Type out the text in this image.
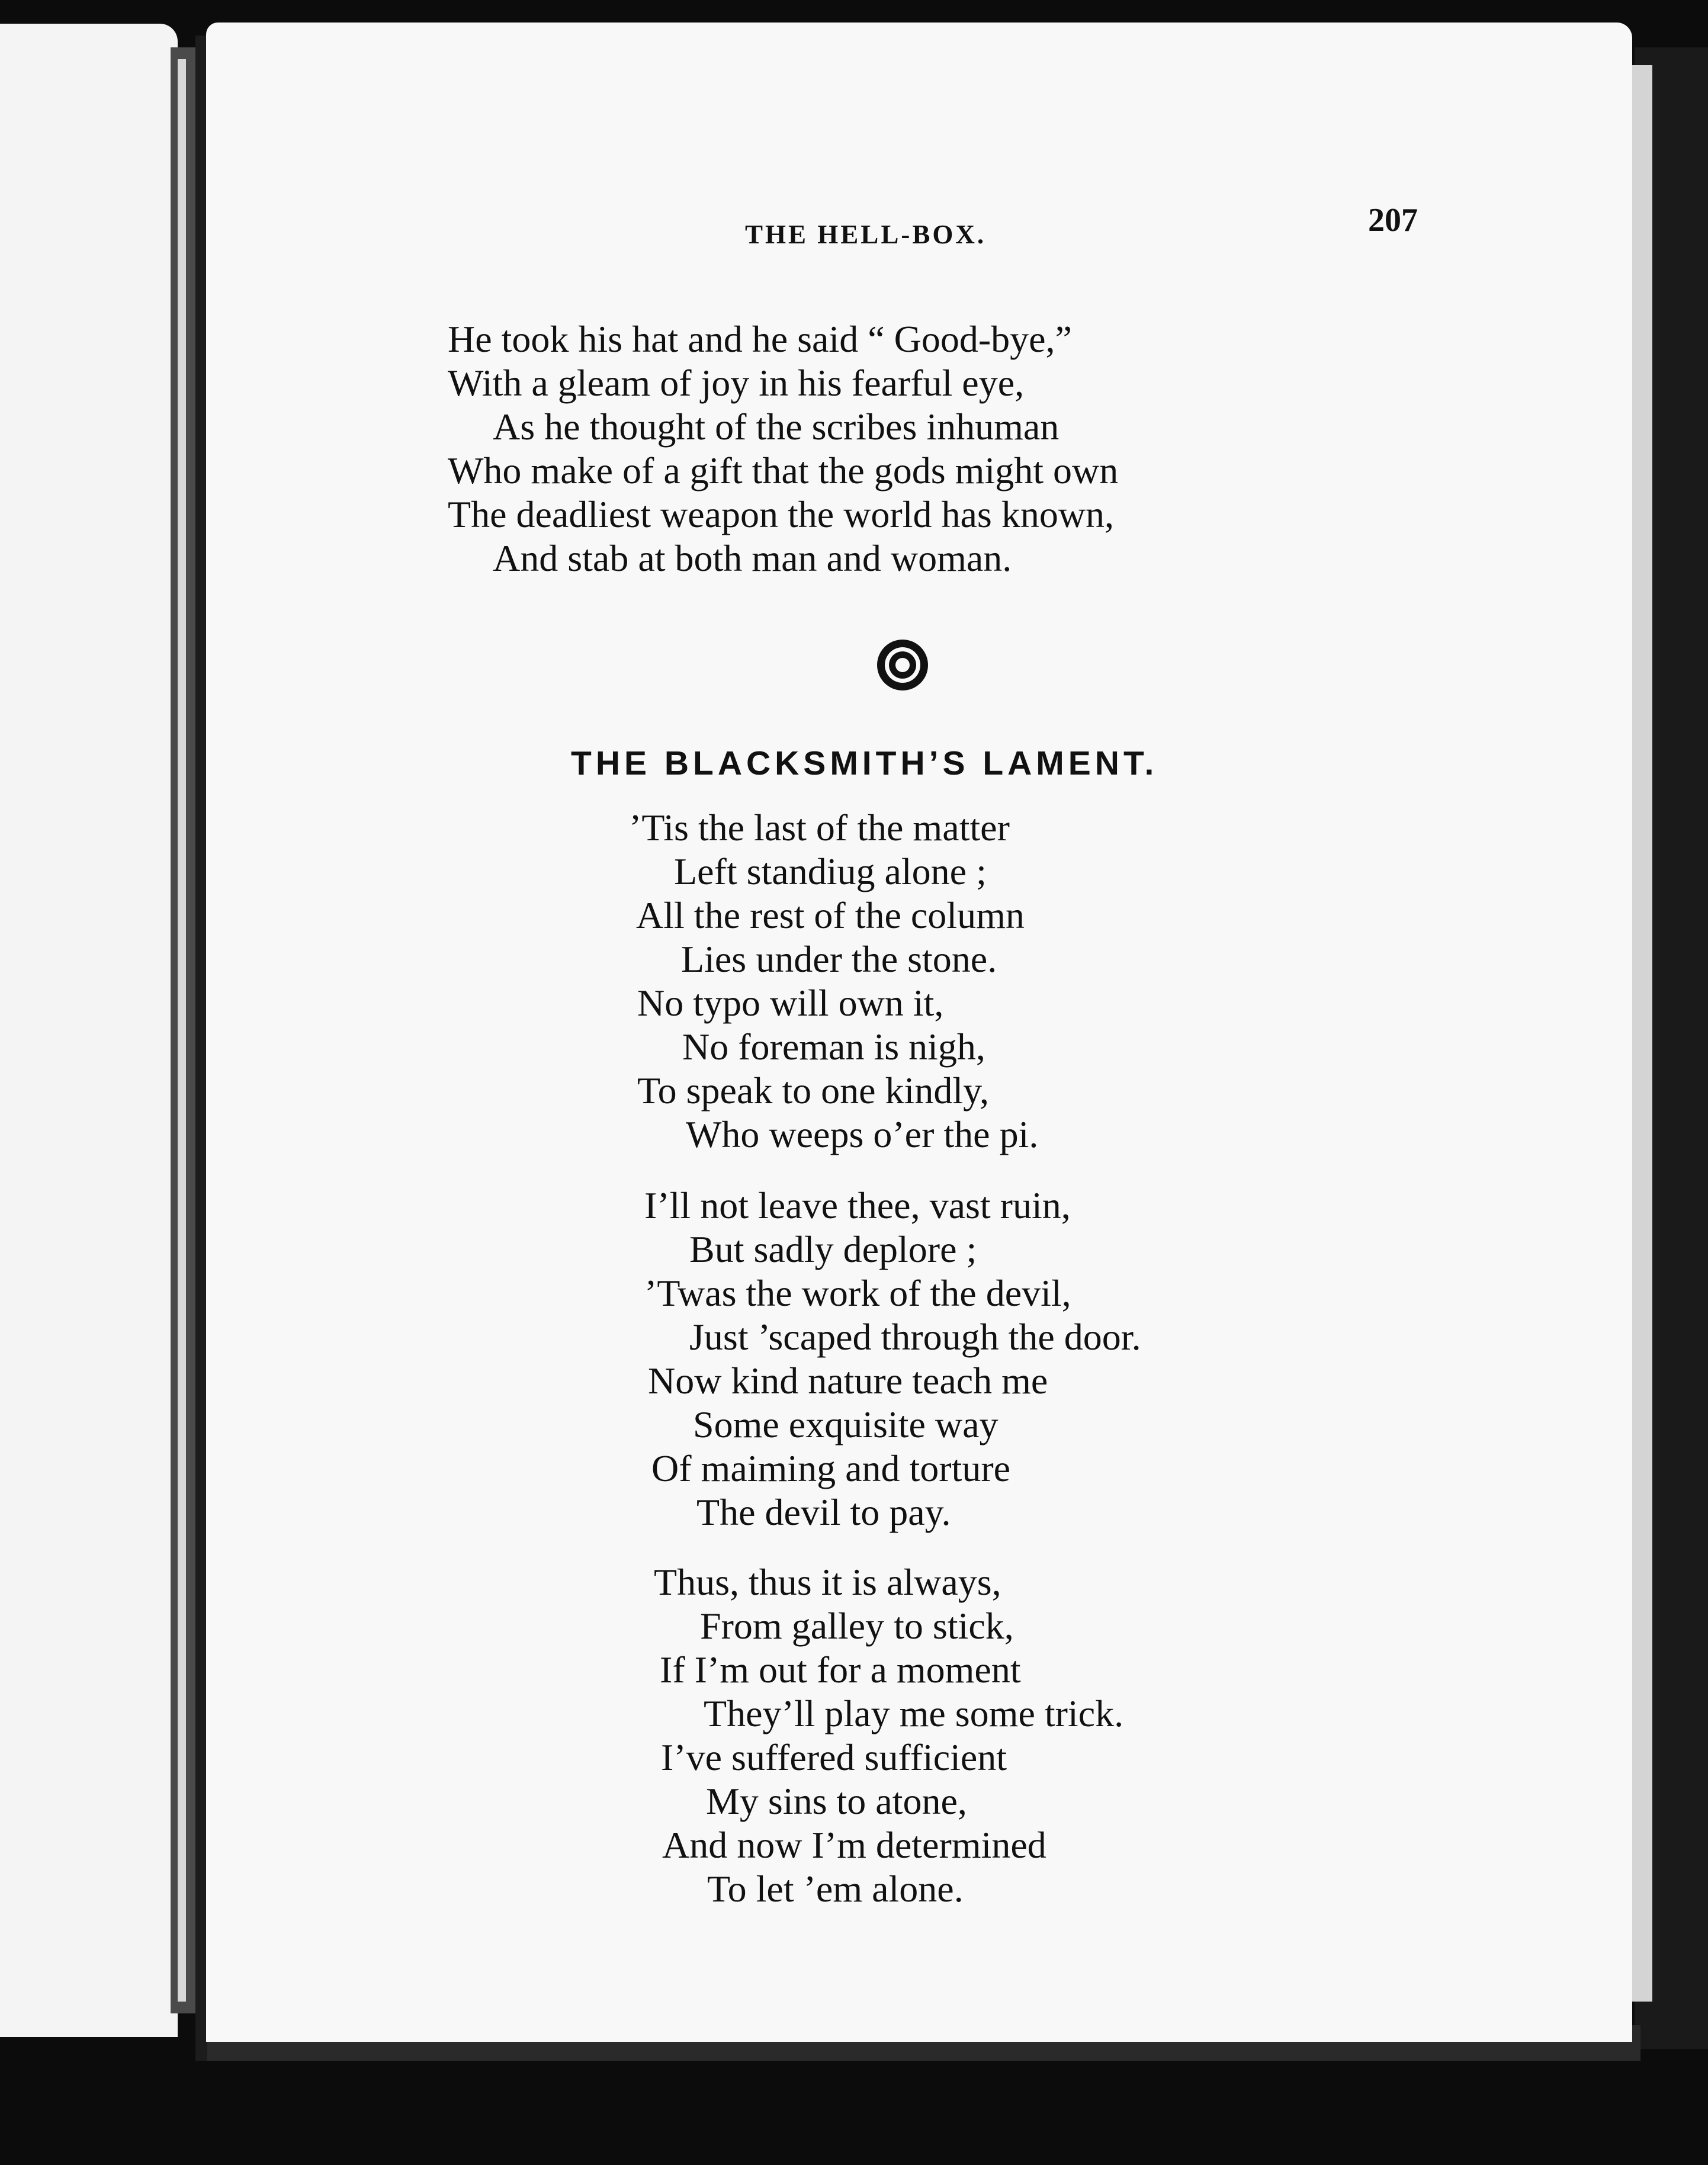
THE HELL-BOX.	207
He took his hat and he said “ Good-bye,”
With a gleam of joy in his fearful eye,
As he thought of the scribes inhuman
Who make of a gift that the gods might own
The deadliest weapon the world has known,
And stab at both man and woman.
THE BLACKSMITH’S LAMENT.
’Tis the last of the matter
Left standiug alone ;
All the rest of the column
Lies under the stone.
No typo will own it,
No foreman is nigh,
To speak to one kindly,
Who weeps o’er the pi.
I’ll not leave thee, vast ruin,
But sadly deplore ;
’Twas the work of the devil,
Just ’scaped through the door.
Now kind nature teach me
Some exquisite way
Of maiming and torture
The devil to pay.
Thus, thus it is always,
From galley to stick,
If I’m out for a moment
They’ll play me some trick.
I’ve suffered sufficient
My sins to atone,
And now I’m determined
To let ’em alone.
